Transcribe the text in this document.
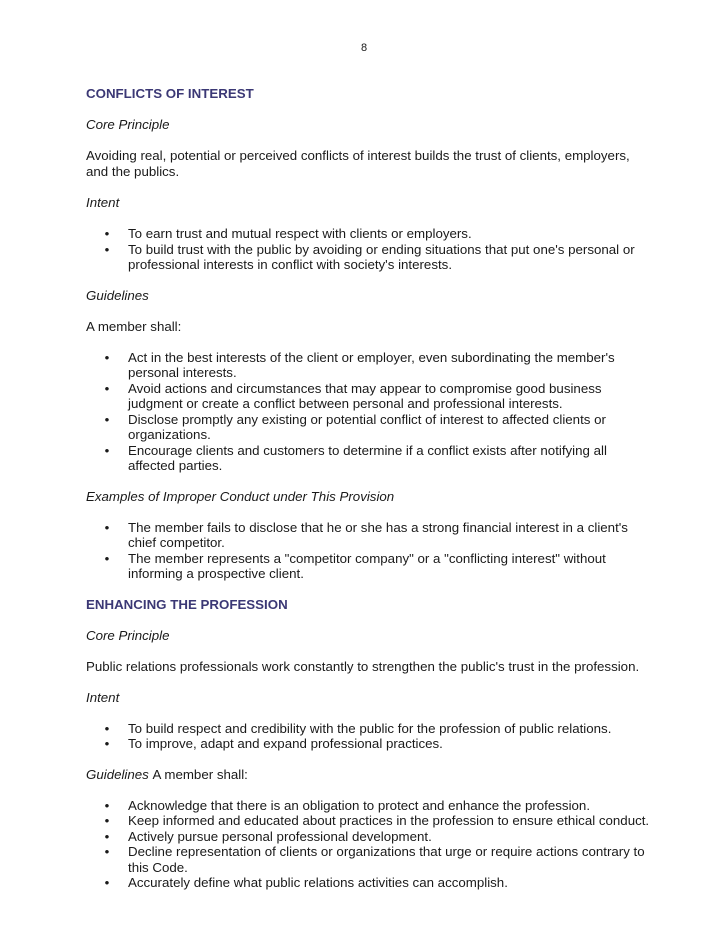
8

CONFLICTS OF INTEREST

Core Principle

Avoiding real, potential or perceived conflicts of interest builds the trust of clients, employers, and the publics.

Intent

• To earn trust and mutual respect with clients or employers.
• To build trust with the public by avoiding or ending situations that put one's personal or professional interests in conflict with society's interests.

Guidelines

A member shall:

• Act in the best interests of the client or employer, even subordinating the member's personal interests.
• Avoid actions and circumstances that may appear to compromise good business judgment or create a conflict between personal and professional interests.
• Disclose promptly any existing or potential conflict of interest to affected clients or organizations.
• Encourage clients and customers to determine if a conflict exists after notifying all affected parties.

Examples of Improper Conduct under This Provision

• The member fails to disclose that he or she has a strong financial interest in a client's chief competitor.
• The member represents a "competitor company" or a "conflicting interest" without informing a prospective client.

ENHANCING THE PROFESSION

Core Principle

Public relations professionals work constantly to strengthen the public's trust in the profession.

Intent

• To build respect and credibility with the public for the profession of public relations.
• To improve, adapt and expand professional practices.

Guidelines A member shall:

• Acknowledge that there is an obligation to protect and enhance the profession.
• Keep informed and educated about practices in the profession to ensure ethical conduct.
• Actively pursue personal professional development.
• Decline representation of clients or organizations that urge or require actions contrary to this Code.
• Accurately define what public relations activities can accomplish.
